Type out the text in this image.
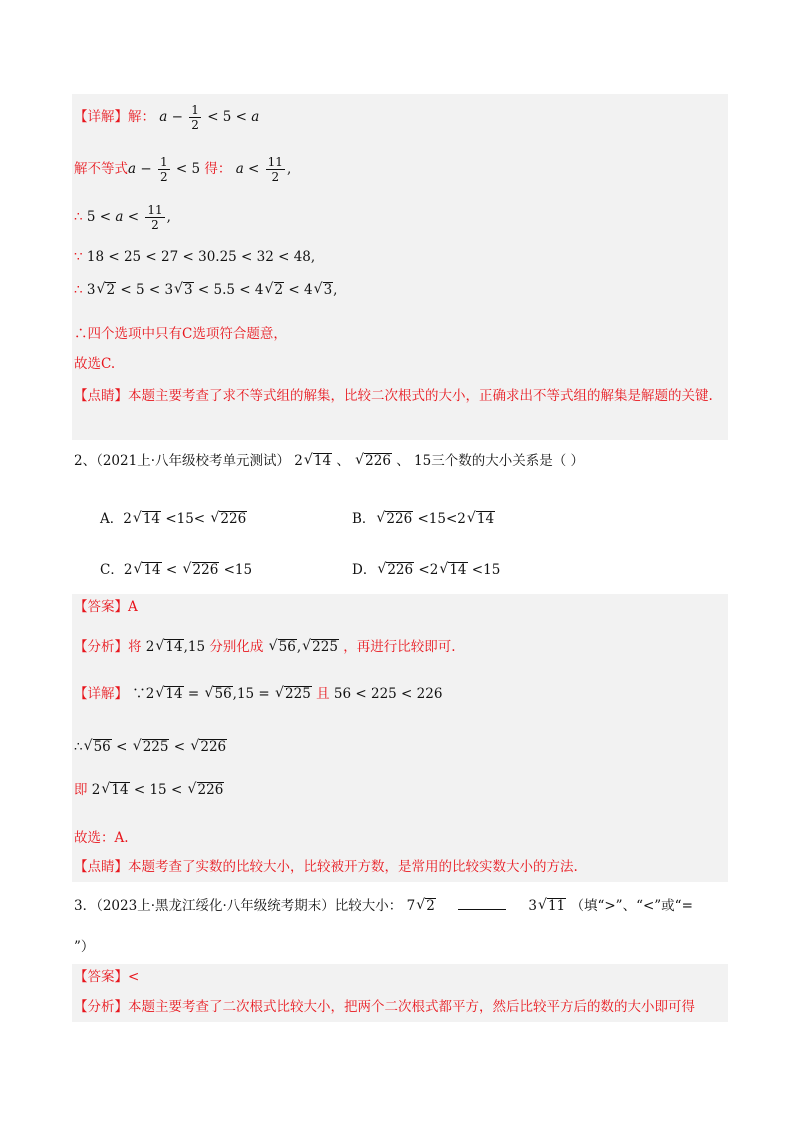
【详解】解： $a - \frac{1}{2} < 5 < a$
解不等式$a - \frac{1}{2} < 5$ 得： $a < \frac{11}{2}$ ,
∴ $5 < a < \frac{11}{2}$ ,
∵ 18 < 25 < 27 < 30.25 < 32 < 48,
∴ 3 √ 2 < 5 < 3 √ 3 < 5.5 < 4 √ 2 < 4 √ 3,
∴四个选项中只有C选项符合题意，
故选C.
【点睛】本题主要考查了求不等式组的解集，比较二次根式的大小，正确求出不等式组的解集是解题的关键.
2、（2021上·八年级校考单元测试） 2 √ 14 、 √ 226 、 15三个数的大小关系是（ ）
A．2 √ 14 <15< √ 226	B． √ 226 <15<2 √ 14
C．2 √ 14 < √ 226 <15	D． √ 226 <2 √ 14 <15
【答案】A
【分析】将 2 √ 14,15 分别化成 √ 56, √ 225 ，再进行比较即可.
【详解】 ∵2 √ 14 = √ 56,15 = √ 225 且 56 < 225 < 226
∴ √ 56 < √ 225 < √ 226
即 2 √ 14 < 15 < √ 226
故选：A.
【点睛】本题考查了实数的比较大小，比较被开方数，是常用的比较实数大小的方法.
3．（2023上·黑龙江绥化·八年级统考期末）比较大小： 7 √ 2	3 √ 11 （填“>”、“<”或“=
”）
【答案】<
【分析】本题主要考查了二次根式比较大小，把两个二次根式都平方，然后比较平方后的数的大小即可得
